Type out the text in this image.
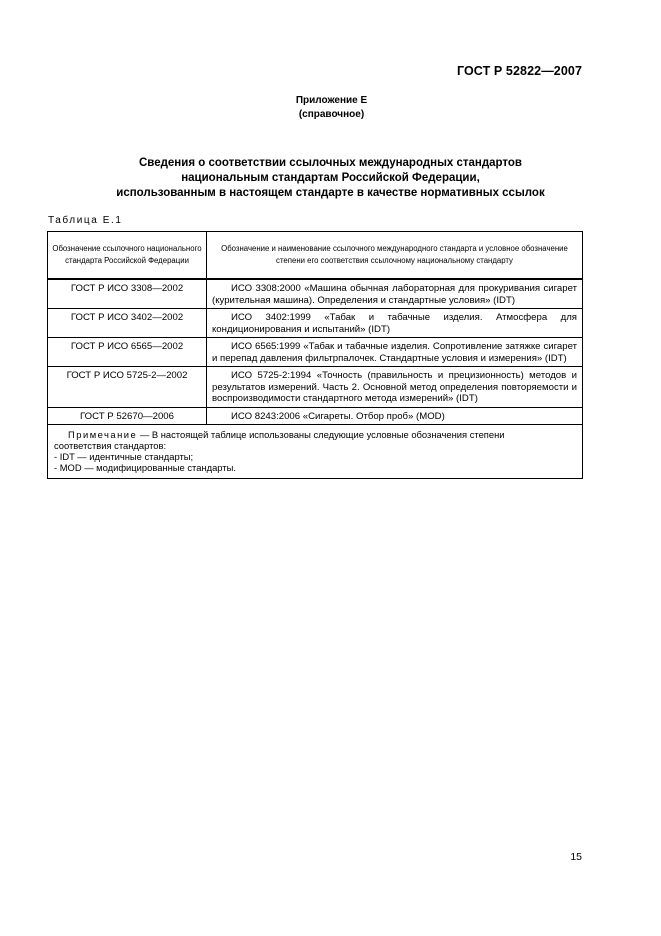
ГОСТ Р 52822—2007
Приложение Е
(справочное)
Сведения о соответствии ссылочных международных стандартов
национальным стандартам Российской Федерации,
использованным в настоящем стандарте в качестве нормативных ссылок
Таблица Е.1
Обозначение ссылочного национального стандарта Российской Федерации	Обозначение и наименование ссылочного международного стандарта и условное обозначение степени его соответствия ссылочному национальному стандарту
ГОСТ Р ИСО 3308—2002	ИСО 3308:2000 «Машина обычная лабораторная для прокуривания сигарет (курительная машина). Определения и стандартные условия» (IDT)
ГОСТ Р ИСО 3402—2002	ИСО 3402:1999 «Табак и табачные изделия. Атмосфера для кондиционирования и испытаний» (IDT)
ГОСТ Р ИСО 6565—2002	ИСО 6565:1999 «Табак и табачные изделия. Сопротивление затяжке сигарет и перепад давления фильтрпалочек. Стандартные условия и измерения» (IDT)
ГОСТ Р ИСО 5725-2—2002	ИСО 5725-2:1994 «Точность (правильность и прецизионность) методов и результатов измерений. Часть 2. Основной метод определения повторяемости и воспроизводимости стандартного метода измерений» (IDT)
ГОСТ Р 52670—2006	ИСО 8243:2006 «Сигареты. Отбор проб» (MOD)

Примечание — В настоящей таблице использованы следующие условные обозначения степени
соответствия стандартов:
- IDT — идентичные стандарты;
- MOD — модифицированные стандарты.	
15
